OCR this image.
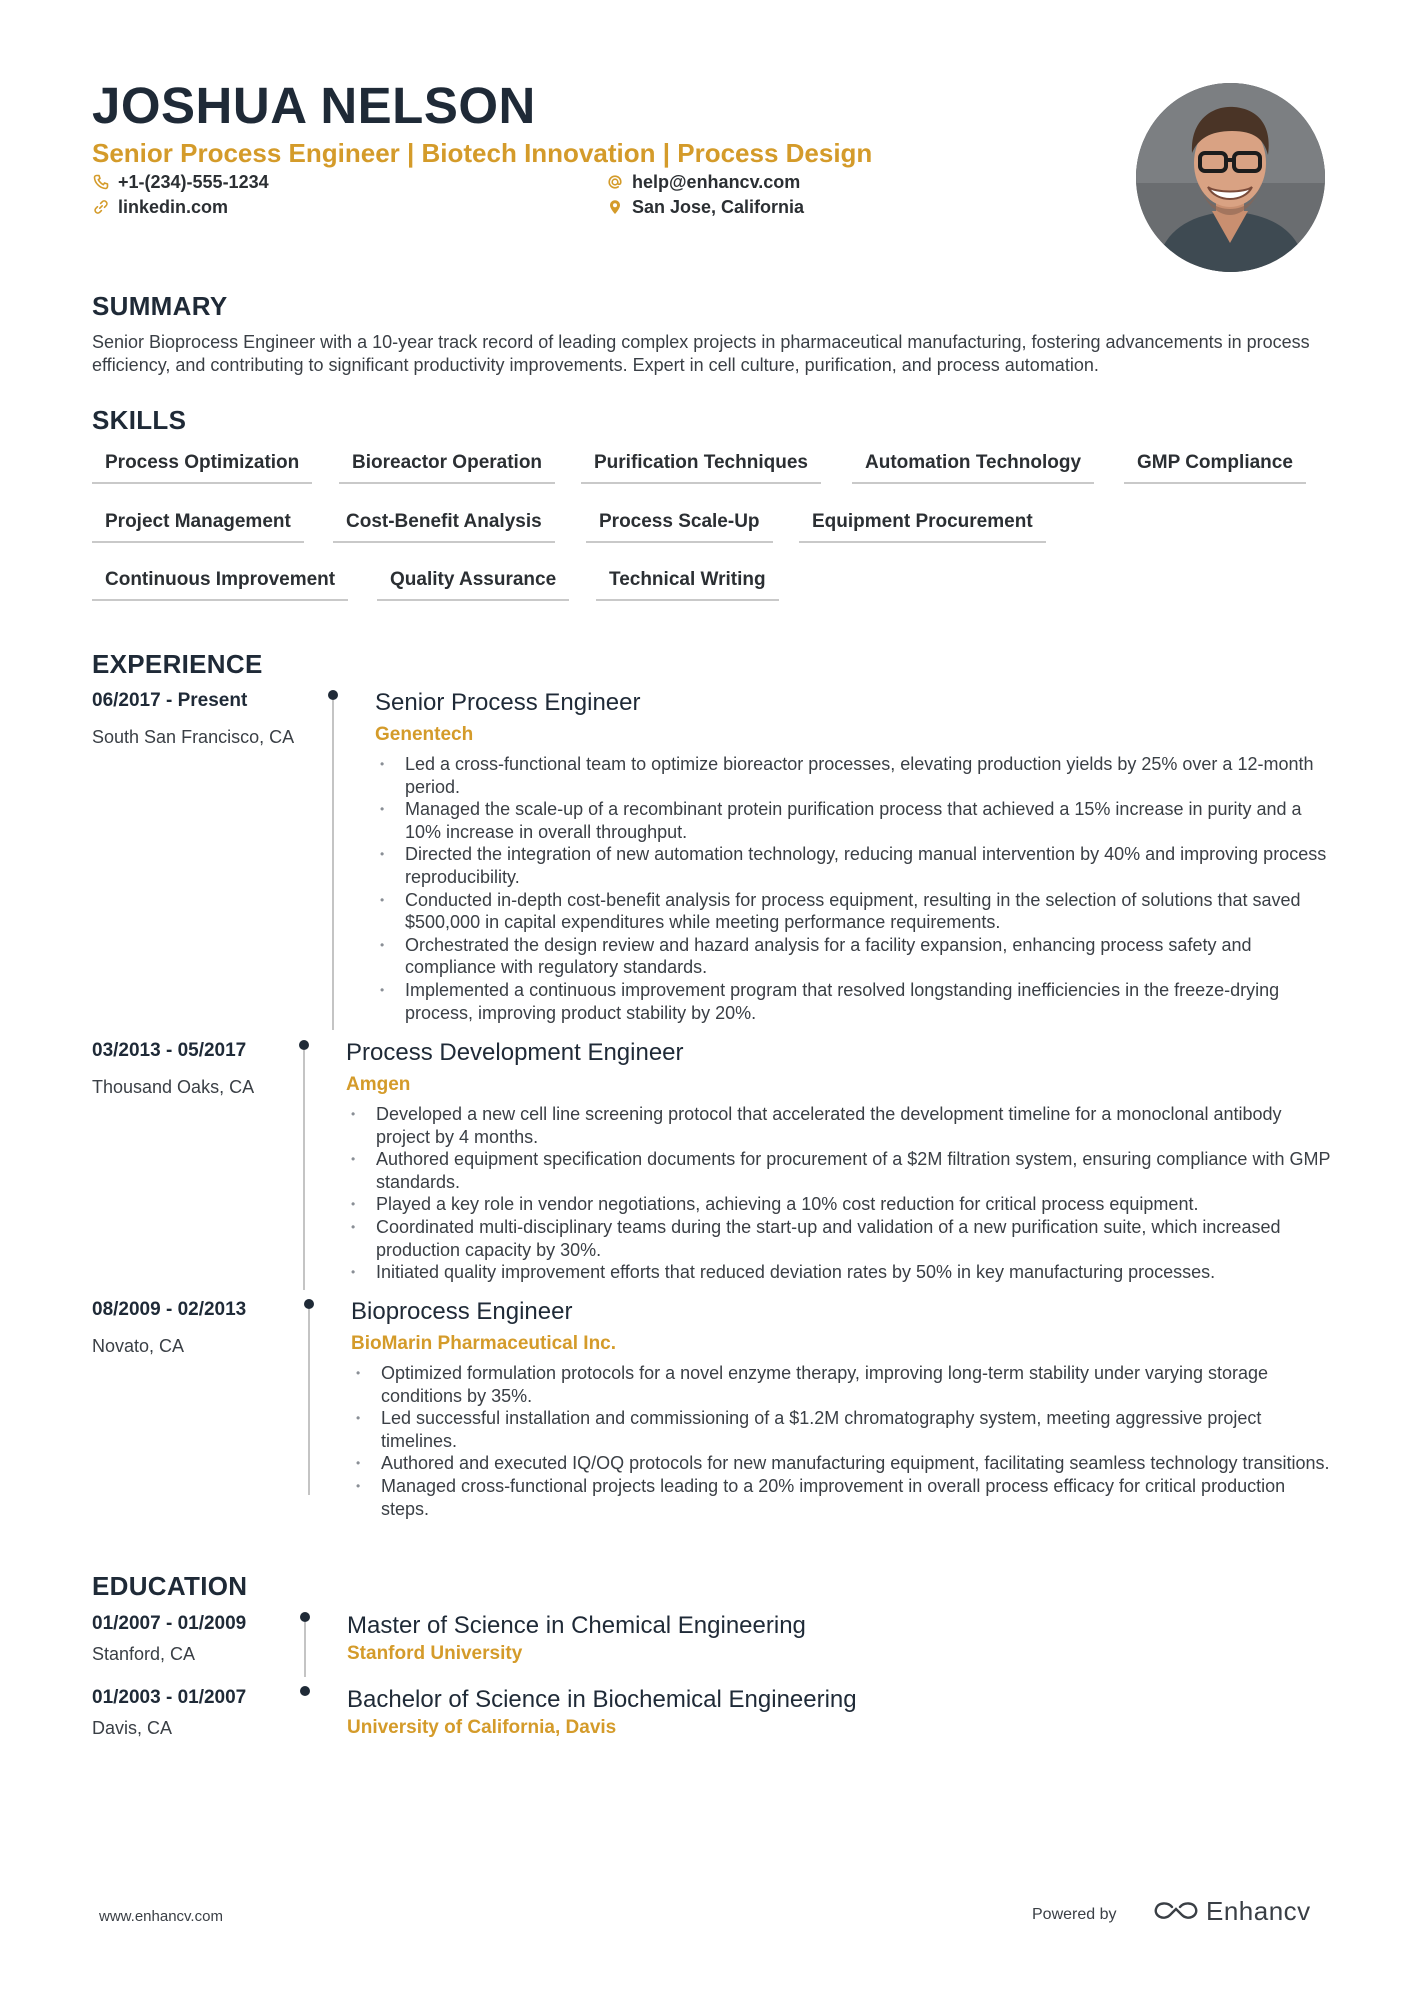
JOSHUA NELSON
Senior Process Engineer | Biotech Innovation | Process Design
+1-(234)-555-1234	help@enhancv.com
linkedin.com	San Jose, California
SUMMARY

Senior Bioprocess Engineer with a 10-year track record of leading complex projects in pharmaceutical manufacturing, fostering advancements in process efficiency, and contributing to significant productivity improvements. Expert in cell culture, purification, and process automation.

SKILLS
Process Optimization	Bioreactor Operation	Purification Techniques	Automation Technology	GMP Compliance
Project Management	Cost-Benefit Analysis	Process Scale-Up	Equipment Procurement
Continuous Improvement	Quality Assurance	Technical Writing
EXPERIENCE
06/2017 - Present
South San Francisco, CA
Senior Process Engineer
Genentech
• Led a cross-functional team to optimize bioreactor processes, elevating production yields by 25% over a 12-month period.
• Managed the scale-up of a recombinant protein purification process that achieved a 15% increase in purity and a 10% increase in overall throughput.
• Directed the integration of new automation technology, reducing manual intervention by 40% and improving process reproducibility.
• Conducted in-depth cost-benefit analysis for process equipment, resulting in the selection of solutions that saved $500,000 in capital expenditures while meeting performance requirements.
• Orchestrated the design review and hazard analysis for a facility expansion, enhancing process safety and compliance with regulatory standards.
• Implemented a continuous improvement program that resolved longstanding inefficiencies in the freeze-drying process, improving product stability by 20%.
03/2013 - 05/2017
Thousand Oaks, CA
Process Development Engineer
Amgen
• Developed a new cell line screening protocol that accelerated the development timeline for a monoclonal antibody project by 4 months.
• Authored equipment specification documents for procurement of a $2M filtration system, ensuring compliance with GMP standards.
• Played a key role in vendor negotiations, achieving a 10% cost reduction for critical process equipment.
• Coordinated multi-disciplinary teams during the start-up and validation of a new purification suite, which increased production capacity by 30%.
• Initiated quality improvement efforts that reduced deviation rates by 50% in key manufacturing processes.
08/2009 - 02/2013
Novato, CA
Bioprocess Engineer
BioMarin Pharmaceutical Inc.
• Optimized formulation protocols for a novel enzyme therapy, improving long-term stability under varying storage conditions by 35%.
• Led successful installation and commissioning of a $1.2M chromatography system, meeting aggressive project timelines.
• Authored and executed IQ/OQ protocols for new manufacturing equipment, facilitating seamless technology transitions.
• Managed cross-functional projects leading to a 20% improvement in overall process efficacy for critical production steps.
EDUCATION
01/2007 - 01/2009
Stanford, CA
Master of Science in Chemical Engineering
Stanford University
01/2003 - 01/2007
Davis, CA
Bachelor of Science in Biochemical Engineering
University of California, Davis
www.enhancv.com	Powered by	Enhancv
